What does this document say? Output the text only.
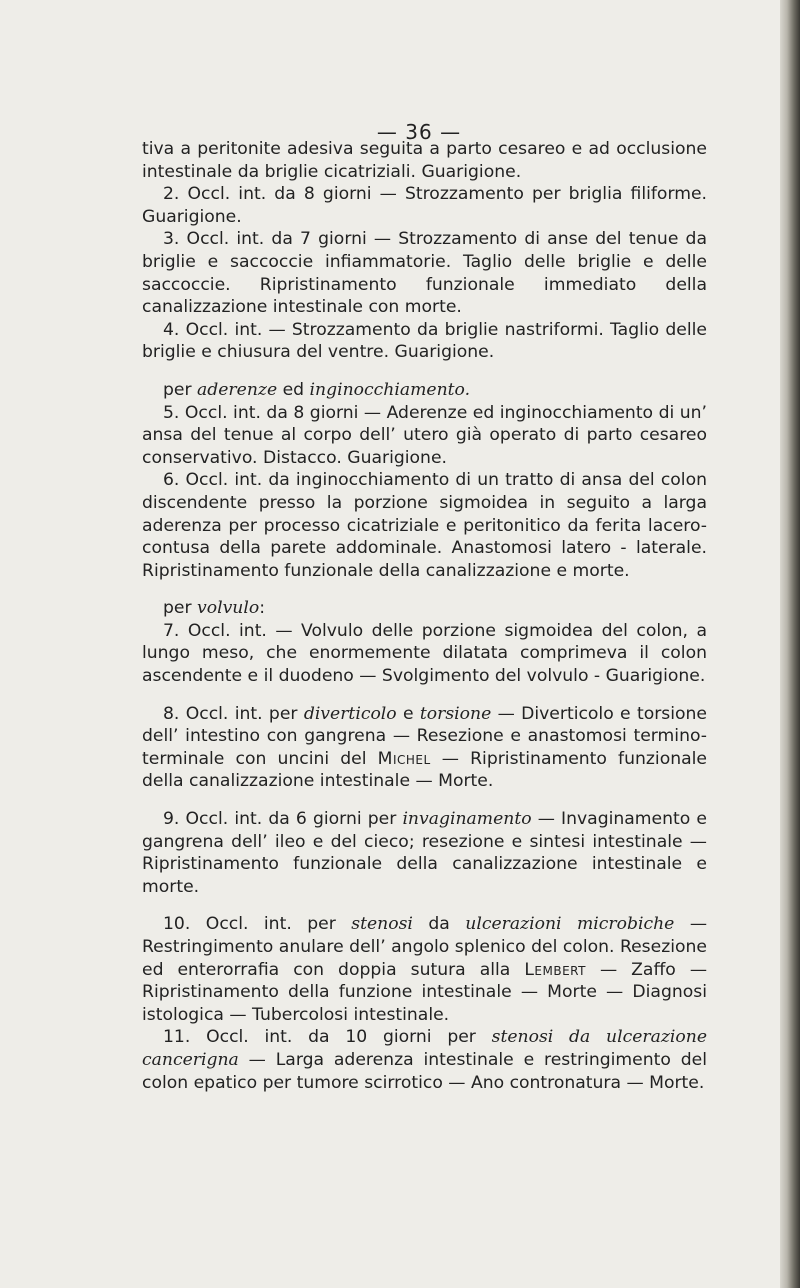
— 36 —

tiva a peritonite adesiva seguita a parto cesareo e ad occlusione intestinale da briglie cicatriziali. Guarigione.

2. Occl. int. da 8 giorni — Strozzamento per briglia filiforme. Guarigione.

3. Occl. int. da 7 giorni — Strozzamento di anse del tenue da briglie e saccoccie infiammatorie. Taglio delle briglie e delle saccoccie. Ripristinamento funzionale immediato della canalizzazione intestinale con morte.

4. Occl. int. — Strozzamento da briglie nastriformi. Taglio delle briglie e chiusura del ventre. Guarigione.

per aderenze ed inginocchiamento.

5. Occl. int. da 8 giorni — Aderenze ed inginocchiamento di un’ ansa del tenue al corpo dell’ utero già operato di parto cesareo conservativo. Distacco. Guarigione.

6. Occl. int. da inginocchiamento di un tratto di ansa del colon discendente presso la porzione sigmoidea in seguito a larga aderenza per processo cicatriziale e peritonitico da ferita lacero-contusa della parete addominale. Anastomosi latero - laterale. Ripristinamento funzionale della canalizzazione e morte.

per volvulo:

7. Occl. int. — Volvulo delle porzione sigmoidea del colon, a lungo meso, che enormemente dilatata comprimeva il colon ascendente e il duodeno — Svolgimento del volvulo - Guarigione.

8. Occl. int. per diverticolo e torsione — Diverticolo e torsione dell’ intestino con gangrena — Resezione e anastomosi termino-terminale con uncini del Michel — Ripristinamento funzionale della canalizzazione intestinale — Morte.

9. Occl. int. da 6 giorni per invaginamento — Invaginamento e gangrena dell’ ileo e del cieco; resezione e sintesi intestinale — Ripristinamento funzionale della canalizzazione intestinale e morte.

10. Occl. int. per stenosi da ulcerazioni microbiche — Restringimento anulare dell’ angolo splenico del colon. Resezione ed enterorrafia con doppia sutura alla Lembert — Zaffo — Ripristinamento della funzione intestinale — Morte — Diagnosi istologica — Tubercolosi intestinale.

11. Occl. int. da 10 giorni per stenosi da ulcerazione cancerigna — Larga aderenza intestinale e restringimento del colon epatico per tumore scirrotico — Ano contronatura — Morte.
